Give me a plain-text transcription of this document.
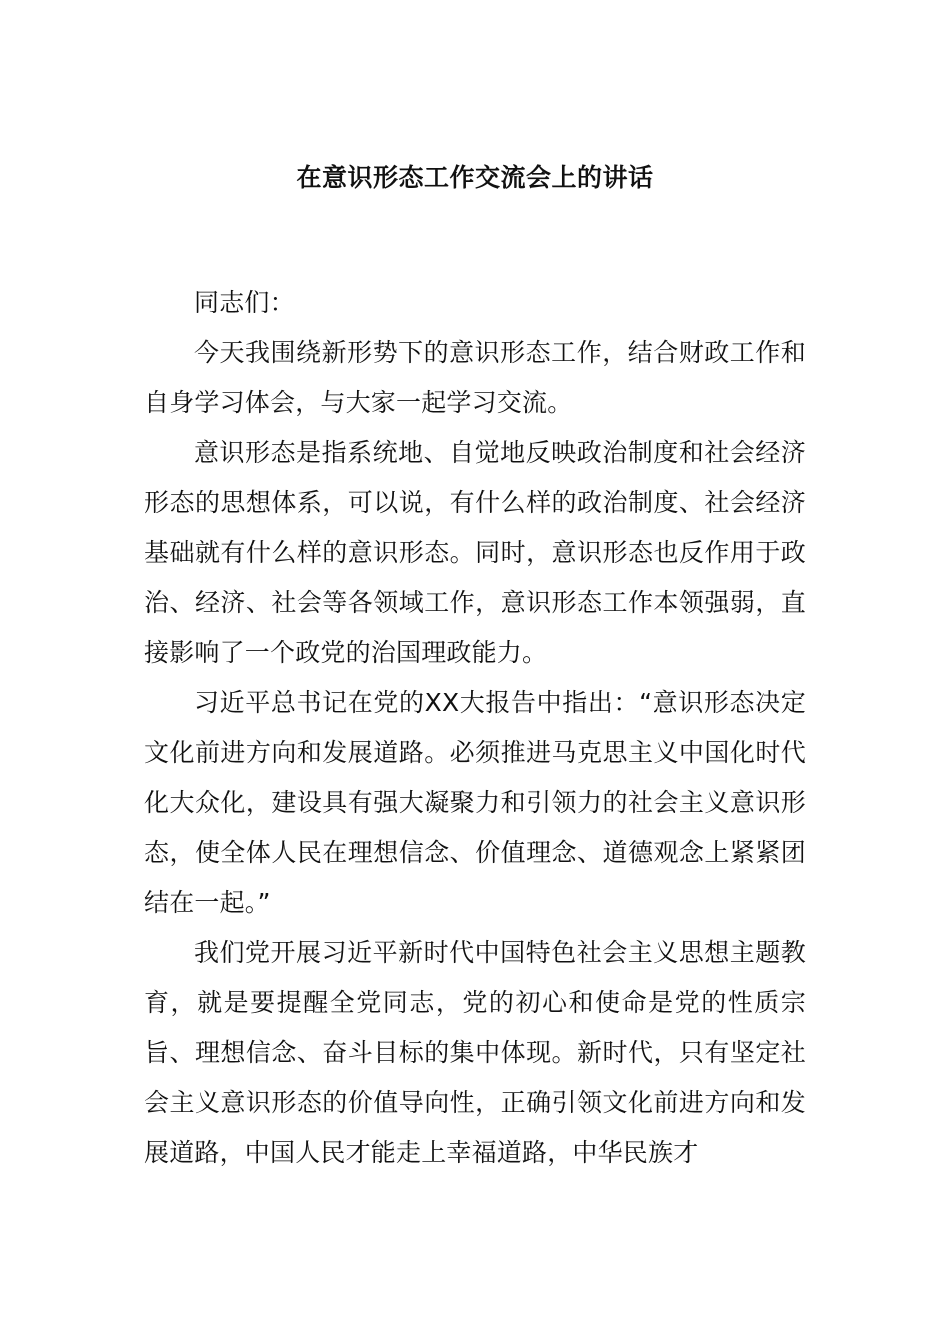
在意识形态工作交流会上的讲话

同志们：

今天我围绕新形势下的意识形态工作，结合财政工作和自身学习体会，与大家一起学习交流。

意识形态是指系统地、自觉地反映政治制度和社会经济形态的思想体系，可以说，有什么样的政治制度、社会经济基础就有什么样的意识形态。同时，意识形态也反作用于政治、经济、社会等各领域工作，意识形态工作本领强弱，直接影响了一个政党的治国理政能力。

习近平总书记在党的XX大报告中指出：“意识形态决定文化前进方向和发展道路。必须推进马克思主义中国化时代化大众化，建设具有强大凝聚力和引领力的社会主义意识形态，使全体人民在理想信念、价值理念、道德观念上紧紧团结在一起。”

我们党开展习近平新时代中国特色社会主义思想主题教育，就是要提醒全党同志，党的初心和使命是党的性质宗旨、理想信念、奋斗目标的集中体现。新时代，只有坚定社会主义意识形态的价值导向性，正确引领文化前进方向和发展道路，中国人民才能走上幸福道路，中华民族才
